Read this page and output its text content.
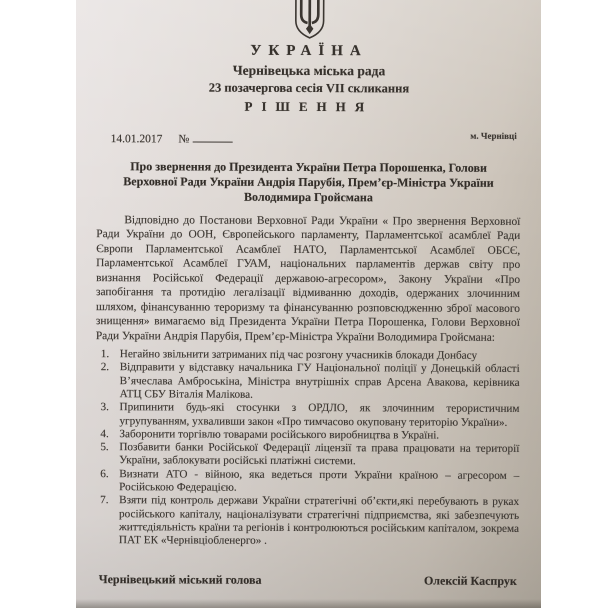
УКРАЇНА
Чернівецька міська рада
23 позачергова сесія VII скликання
РІШЕННЯ
14.01.2017 №	м. Чернівці
Про звернення до Президента України Петра Порошенка, Голови Верховної Ради України Андрія Парубія, Прем’єр-Міністра України Володимира Гройсмана
Відповідно до Постанови Верховної Ради України « Про звернення Верховної Ради України до ООН, Європейського парламенту, Парламентської асамблеї Ради Європи Парламентської Асамблеї НАТО, Парламентської Асамблеї ОБСЄ, Парламентської Асамблеї ГУАМ, національних парламентів держав світу про визнання Російської Федерації державою-агресором», Закону України «Про запобігання та протидію легалізації відмиванню доходів, одержаних злочинним шляхом, фінансуванню тероризму та фінансуванню розповсюдженню зброї масового знищення» вимагаємо від Президента України Петра Порошенка, Голови Верховної Ради України Андрія Парубія, Прем’єр-Міністра України Володимира Гройсмана:
Негайно звільнити затриманих під час розгону учасників блокади Донбасу
Відправити у відставку начальника ГУ Національної поліції у Донецькій області В’ячеслава Амброськіна, Міністра внутрішніх справ Арсена Авакова, керівника АТЦ СБУ Віталія Малікова.
Припинити будь-які стосунки з ОРДЛО, як злочинним терористичним угрупуванням, ухваливши закон «Про тимчасово окуповану територію України».
Заборонити торгівлю товарами російського виробництва в Україні.
Позбавити банки Російської Федерації ліцензії та права працювати на території України, заблокувати російські платіжні системи.
Визнати АТО - війною, яка ведеться проти України країною – агресором – Російською Федерацією.
Взяти під контроль держави України стратегічні об’єкти,які перебувають в руках російського капіталу, націоналізувати стратегічні підприємства, які забезпечують життєдіяльність країни та регіонів і контролюються російським капіталом, зокрема ПАТ ЕК «Чернівціобленерго» .
Чернівецький міський голова	Олексій Каспрук
